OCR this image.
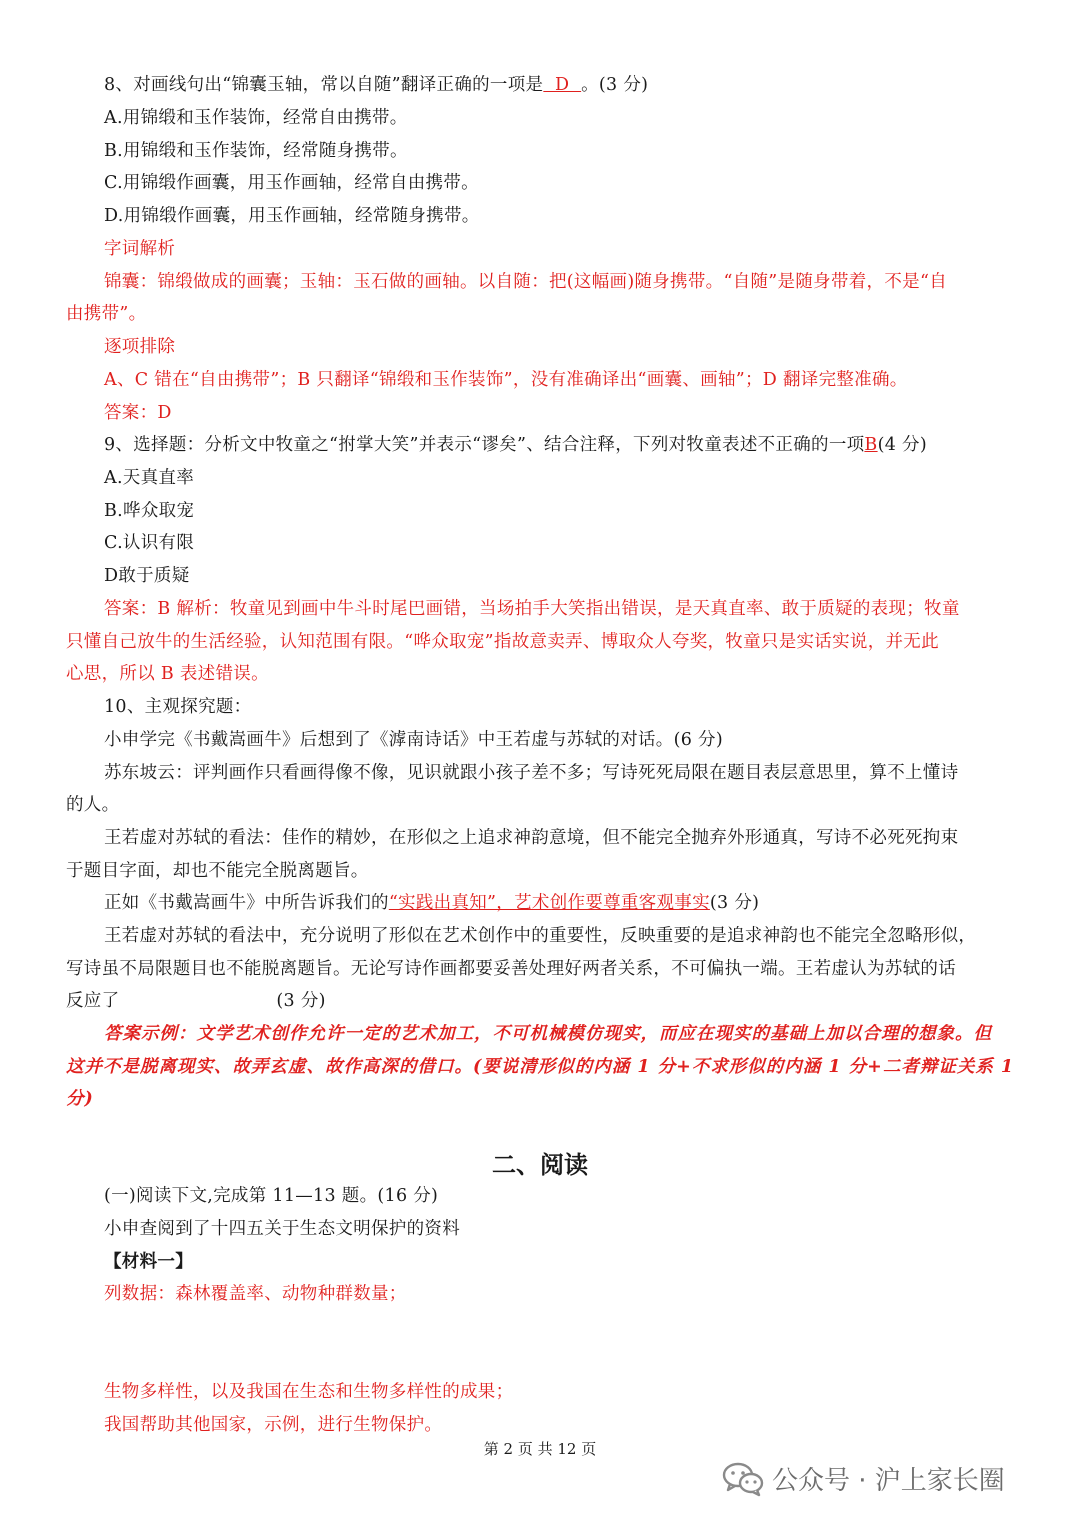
8、对画线句出“锦囊玉轴，常以自随”翻译正确的一项是  D  。(3 分)
A.用锦缎和玉作装饰，经常自由携带。
B.用锦缎和玉作装饰，经常随身携带。
C.用锦缎作画囊，用玉作画轴，经常自由携带。
D.用锦缎作画囊，用玉作画轴，经常随身携带。
字词解析
锦囊：锦缎做成的画囊；玉轴：玉石做的画轴。以自随：把(这幅画)随身携带。“自随”是随身带着，不是“自
由携带”。
逐项排除
A、C 错在“自由携带”；B 只翻译“锦缎和玉作装饰”，没有准确译出“画囊、画轴”；D 翻译完整准确。
答案：D
9、选择题：分析文中牧童之“拊掌大笑”并表示“谬矣”、结合注释，下列对牧童表述不正确的一项B(4 分)
A.天真直率
B.哗众取宠
C.认识有限
D敢于质疑
答案：B 解析：牧童见到画中牛斗时尾巴画错，当场拍手大笑指出错误，是天真直率、敢于质疑的表现；牧童
只懂自己放牛的生活经验，认知范围有限。“哗众取宠”指故意卖弄、博取众人夸奖，牧童只是实话实说，并无此
心思，所以 B 表述错误。
10、主观探究题：
小申学完《书戴嵩画牛》后想到了《滹南诗话》中王若虚与苏轼的对话。(6 分)
苏东坡云：评判画作只看画得像不像，见识就跟小孩子差不多；写诗死死局限在题目表层意思里，算不上懂诗
的人。
王若虚对苏轼的看法：佳作的精妙，在形似之上追求神韵意境，但不能完全抛弃外形通真，写诗不必死死拘束
于题目字面，却也不能完全脱离题旨。
正如《书戴嵩画牛》中所告诉我们的“实践出真知”，艺术创作要尊重客观事实(3 分)
王若虚对苏轼的看法中，充分说明了形似在艺术创作中的重要性，反映重要的是追求神韵也不能完全忽略形似，
写诗虽不局限题目也不能脱离题旨。无论写诗作画都要妥善处理好两者关系，不可偏执一端。王若虚认为苏轼的话
反应了	(3 分)
答案示例：文学艺术创作允许一定的艺术加工，不可机械模仿现实，而应在现实的基础上加以合理的想象。但
这并不是脱离现实、故弄玄虚、故作高深的借口。(要说清形似的内涵 1 分+不求形似的内涵 1 分+二者辩证关系 1
分)
二、阅读
(一)阅读下文,完成第 11—13 题。(16 分)
小申查阅到了十四五关于生态文明保护的资料
【材料一】
列数据：森林覆盖率、动物种群数量；
生物多样性，以及我国在生态和生物多样性的成果；
我国帮助其他国家，示例，进行生物保护。
第 2 页 共 12 页
公众号 · 沪上家长圈
